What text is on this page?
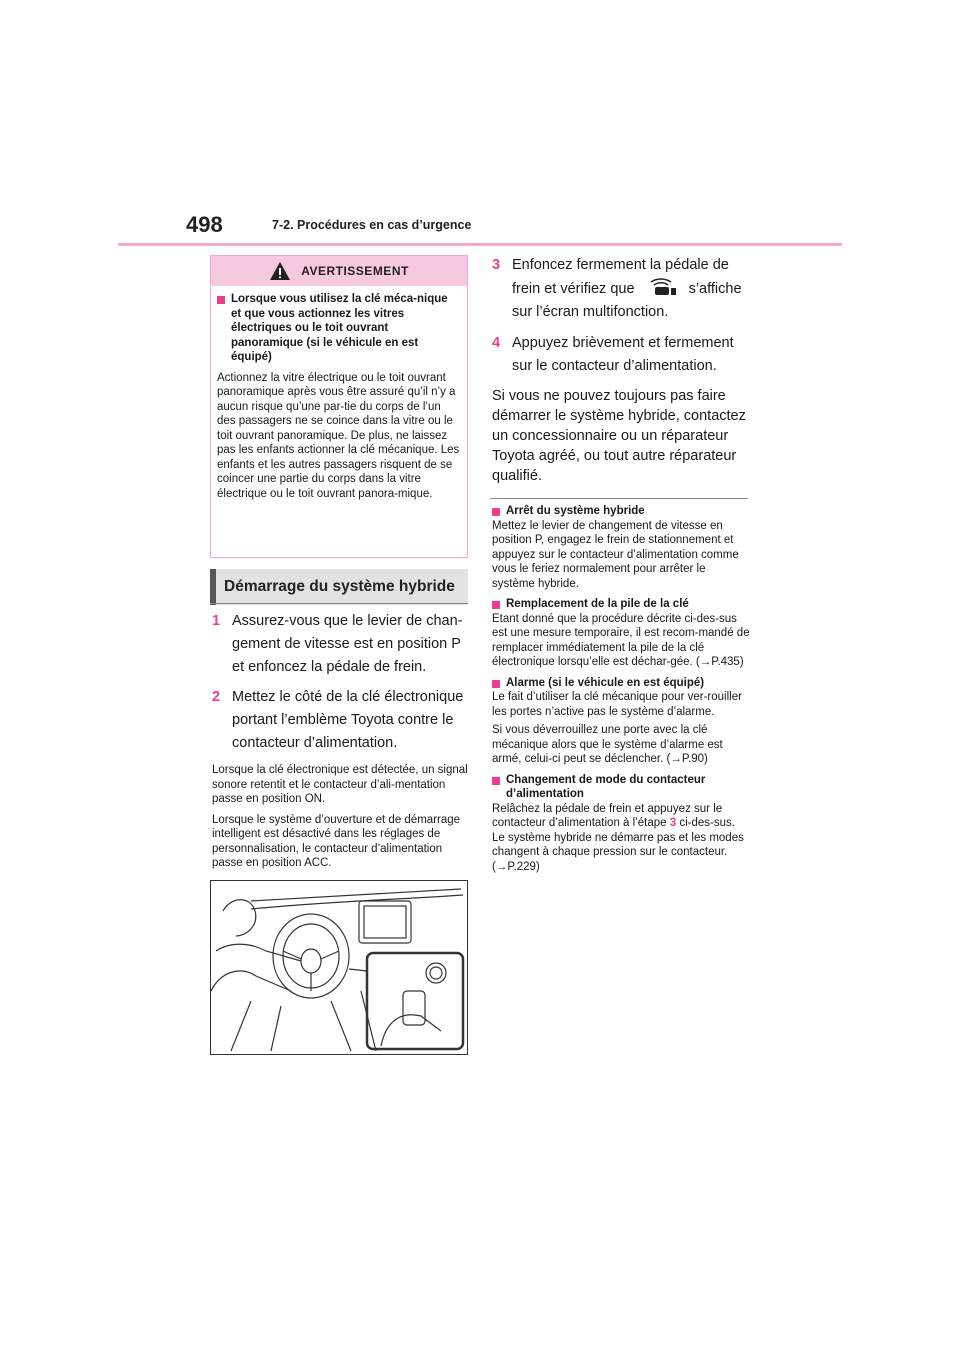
498	7-2. Procédures en cas d’urgence
AVERTISSEMENT
Lorsque vous utilisez la clé méca-nique et que vous actionnez les vitres électriques ou le toit ouvrant panoramique (si le véhicule en est équipé)
Actionnez la vitre électrique ou le toit ouvrant panoramique après vous être assuré qu’il n’y a aucun risque qu’une par-tie du corps de l’un des passagers ne se coince dans la vitre ou le toit ouvrant panoramique. De plus, ne laissez pas les enfants actionner la clé mécanique. Les enfants et les autres passagers risquent de se coincer une partie du corps dans la vitre électrique ou le toit ouvrant panora-mique.
Démarrage du système hybride
1 Assurez-vous que le levier de chan-gement de vitesse est en position P et enfoncez la pédale de frein.
2 Mettez le côté de la clé électronique portant l’emblème Toyota contre le contacteur d’alimentation.
Lorsque la clé électronique est détectée, un signal sonore retentit et le contacteur d’ali-mentation passe en position ON.
Lorsque le système d’ouverture et de démarrage intelligent est désactivé dans les réglages de personnalisation, le contacteur d’alimentation passe en position ACC.
3 Enfoncez fermement la pédale de frein et vérifiez que	s’affiche sur l’écran multifonction.
4 Appuyez brièvement et fermement sur le contacteur d’alimentation.
Si vous ne pouvez toujours pas faire démarrer le système hybride, contactez un concessionnaire ou un réparateur Toyota agréé, ou tout autre réparateur qualifié.
Arrêt du système hybride
Mettez le levier de changement de vitesse en position P, engagez le frein de stationnement et appuyez sur le contacteur d’alimentation comme vous le feriez normalement pour arrêter le système hybride.
Remplacement de la pile de la clé
Etant donné que la procédure décrite ci-des-sus est une mesure temporaire, il est recom-mandé de remplacer immédiatement la pile de la clé électronique lorsqu’elle est déchar-gée. (→P.435)
Alarme (si le véhicule en est équipé)
Le fait d’utiliser la clé mécanique pour ver-rouiller les portes n’active pas le système d’alarme.
Si vous déverrouillez une porte avec la clé mécanique alors que le système d’alarme est armé, celui-ci peut se déclencher. (→P.90)
Changement de mode du contacteur d’alimentation
Relâchez la pédale de frein et appuyez sur le contacteur d’alimentation à l’étape 3 ci-des-sus.
Le système hybride ne démarre pas et les modes changent à chaque pression sur le contacteur. (→P.229)
